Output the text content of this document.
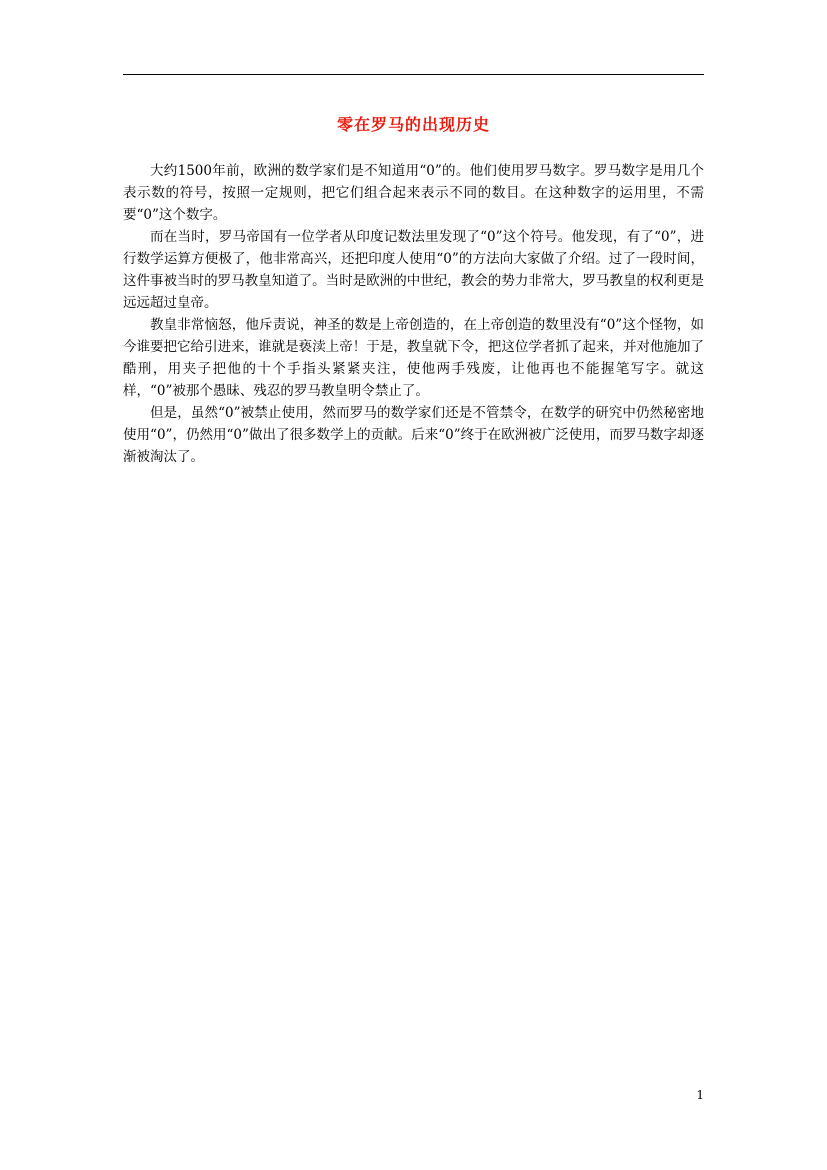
零在罗马的出现历史

大约1500年前，欧洲的数学家们是不知道用“0”的。他们使用罗马数字。罗马数字是用几个表示数的符号，按照一定规则，把它们组合起来表示不同的数目。在这种数字的运用里，不需要“0”这个数字。

而在当时，罗马帝国有一位学者从印度记数法里发现了“0”这个符号。他发现，有了“0”，进行数学运算方便极了，他非常高兴，还把印度人使用“0”的方法向大家做了介绍。过了一段时间，这件事被当时的罗马教皇知道了。当时是欧洲的中世纪，教会的势力非常大，罗马教皇的权利更是远远超过皇帝。

教皇非常恼怒，他斥责说，神圣的数是上帝创造的，在上帝创造的数里没有“0”这个怪物，如今谁要把它给引进来，谁就是亵渎上帝！于是，教皇就下令，把这位学者抓了起来，并对他施加了酷刑，用夹子把他的十个手指头紧紧夹注，使他两手残废，让他再也不能握笔写字。就这样，“0”被那个愚昧、残忍的罗马教皇明令禁止了。

但是，虽然“0”被禁止使用，然而罗马的数学家们还是不管禁令，在数学的研究中仍然秘密地使用“0”，仍然用“0”做出了很多数学上的贡献。后来“0”终于在欧洲被广泛使用，而罗马数字却逐渐被淘汰了。

1
